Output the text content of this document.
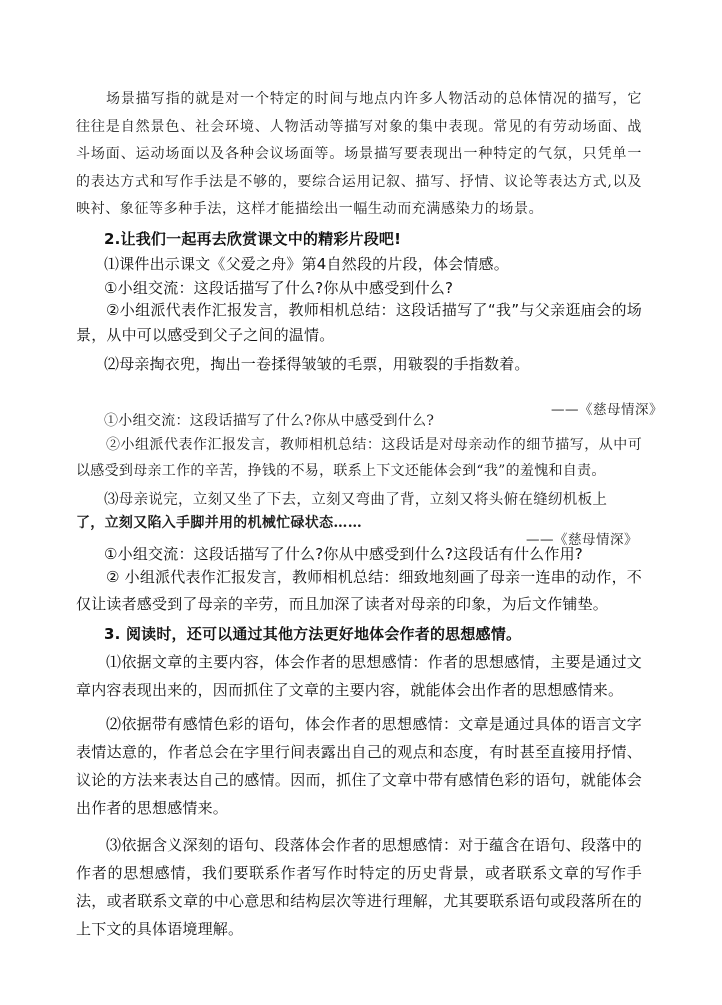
场景描写指的就是对一个特定的时间与地点内许多人物活动的总体情况的描写，它往往是自然景色、社会环境、人物活动等描写对象的集中表现。常见的有劳动场面、战斗场面、运动场面以及各种会议场面等。场景描写要表现出一种特定的气氛，只凭单一的表达方式和写作手法是不够的，要综合运用记叙、描写、抒情、议论等表达方式,以及映衬、象征等多种手法，这样才能描绘出一幅生动而充满感染力的场景。

2.让我们一起再去欣赏课文中的精彩片段吧!

⑴课件出示课文《父爱之舟》第4自然段的片段，体会情感。

①小组交流：这段话描写了什么?你从中感受到什么?

②小组派代表作汇报发言，教师相机总结：这段话描写了“我”与父亲逛庙会的场景，从中可以感受到父子之间的温情。

⑵母亲掏衣兜，掏出一卷揉得皱皱的毛票，用皲裂的手指数着。

——《慈母情深》

①小组交流：这段话描写了什么?你从中感受到什么?

②小组派代表作汇报发言，教师相机总结：这段话是对母亲动作的细节描写，从中可以感受到母亲工作的辛苦，挣钱的不易，联系上下文还能体会到“我”的羞愧和自责。

⑶母亲说完，立刻又坐了下去，立刻又弯曲了背，立刻又将头俯在缝纫机板上

了，立刻又陷入手脚并用的机械忙碌状态……

——《慈母情深》

①小组交流：这段话描写了什么?你从中感受到什么?这段话有什么作用?

② 小组派代表作汇报发言，教师相机总结：细致地刻画了母亲一连串的动作，不仅让读者感受到了母亲的辛劳，而且加深了读者对母亲的印象，为后文作铺垫。

3. 阅读时，还可以通过其他方法更好地体会作者的思想感情。

⑴依据文章的主要内容，体会作者的思想感情：作者的思想感情，主要是通过文章内容表现出来的，因而抓住了文章的主要内容，就能体会出作者的思想感情来。

⑵依据带有感情色彩的语句，体会作者的思想感情：文章是通过具体的语言文字表情达意的，作者总会在字里行间表露出自己的观点和态度，有时甚至直接用抒情、议论的方法来表达自己的感情。因而，抓住了文章中带有感情色彩的语句，就能体会出作者的思想感情来。

⑶依据含义深刻的语句、段落体会作者的思想感情：对于蕴含在语句、段落中的作者的思想感情，我们要联系作者写作时特定的历史背景，或者联系文章的写作手法，或者联系文章的中心意思和结构层次等进行理解，尤其要联系语句或段落所在的上下文的具体语境理解。
